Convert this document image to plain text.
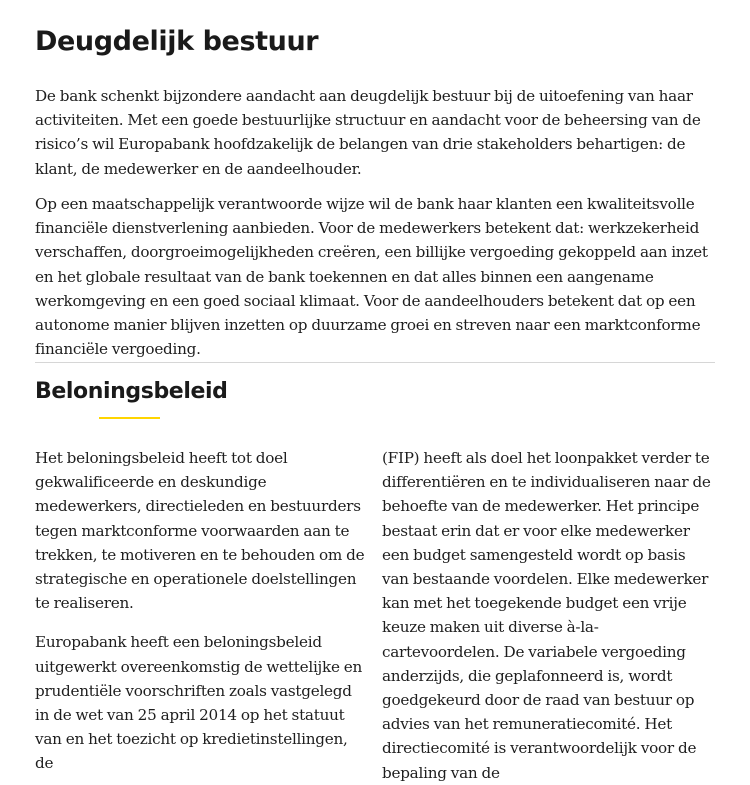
Deugdelijk bestuur

De bank schenkt bijzondere aandacht aan deugdelijk bestuur bij de uitoefening van haar activiteiten. Met een goede bestuurlijke structuur en aandacht voor de beheersing van de risico’s wil Europabank hoofdzakelijk de belangen van drie stakeholders behartigen: de klant, de medewerker en de aandeelhouder.

Op een maatschappelijk verantwoorde wijze wil de bank haar klanten een kwaliteitsvolle financiële dienstverlening aanbieden. Voor de medewerkers betekent dat: werkzekerheid verschaffen, doorgroeimogelijkheden creëren, een billijke vergoeding gekoppeld aan inzet en het globale resultaat van de bank toekennen en dat alles binnen een aangename werkomgeving en een goed sociaal klimaat. Voor de aandeelhouders betekent dat op een autonome manier blijven inzetten op duurzame groei en streven naar een marktconforme financiële vergoeding.

Beloningsbeleid

Het beloningsbeleid heeft tot doel gekwalificeerde en deskundige medewerkers, directieleden en bestuurders tegen marktconforme voorwaarden aan te trekken, te motiveren en te behouden om de strategische en operationele doelstellingen te realiseren.

Europabank heeft een beloningsbeleid uitgewerkt overeenkomstig de wettelijke en prudentiële voorschriften zoals vastgelegd in de wet van 25 april 2014 op het statuut van en het toezicht op kredietinstellingen, de

(FIP) heeft als doel het loonpakket verder te differentiëren en te individualiseren naar de behoefte van de medewerker. Het principe bestaat erin dat er voor elke medewerker een budget samengesteld wordt op basis van bestaande voordelen. Elke medewerker kan met het toegekende budget een vrije keuze maken uit diverse à-la-cartevoordelen. De variabele vergoeding anderzijds, die geplafonneerd is, wordt goedgekeurd door de raad van bestuur op advies van het remuneratiecomité. Het directiecomité is verantwoordelijk voor de bepaling van de
